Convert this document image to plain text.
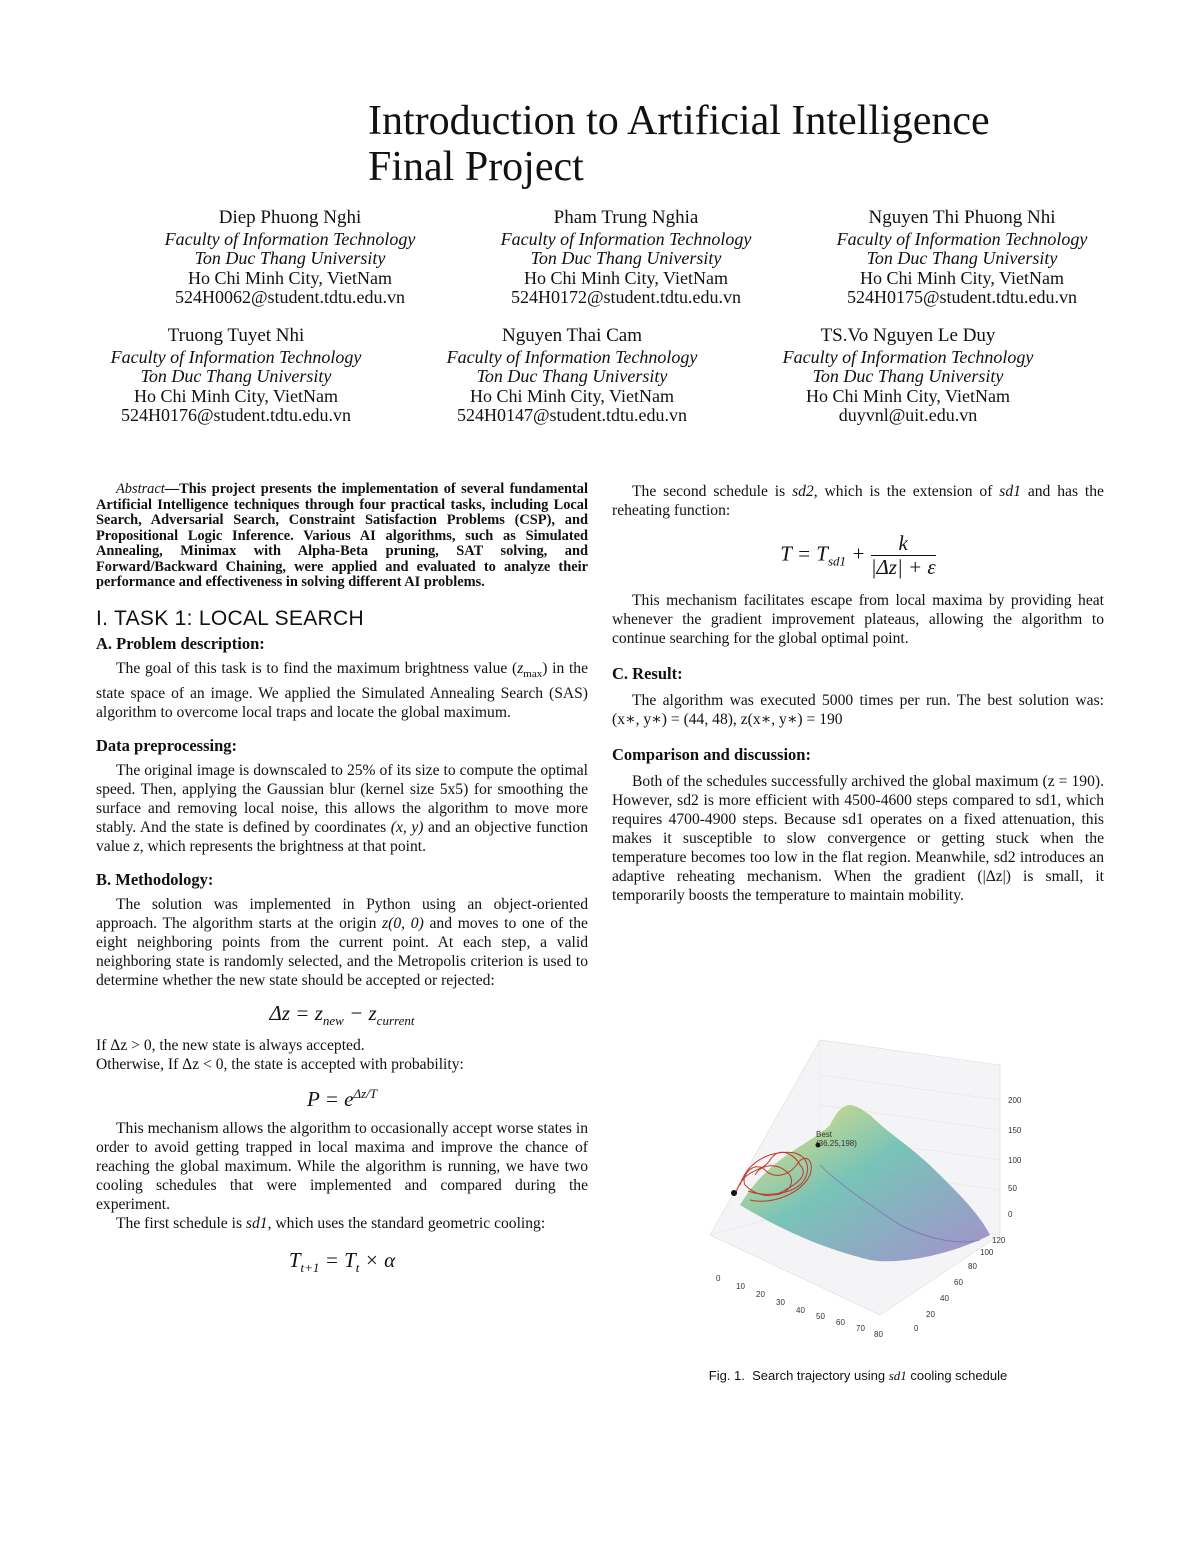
Introduction to Artificial Intelligence
Final Project
Diep Phuong Nghi
Faculty of Information Technology
Ton Duc Thang University
Ho Chi Minh City, VietNam
524H0062@student.tdtu.edu.vn
Pham Trung Nghia
Faculty of Information Technology
Ton Duc Thang University
Ho Chi Minh City, VietNam
524H0172@student.tdtu.edu.vn
Nguyen Thi Phuong Nhi
Faculty of Information Technology
Ton Duc Thang University
Ho Chi Minh City, VietNam
524H0175@student.tdtu.edu.vn
Truong Tuyet Nhi
Faculty of Information Technology
Ton Duc Thang University
Ho Chi Minh City, VietNam
524H0176@student.tdtu.edu.vn
Nguyen Thai Cam
Faculty of Information Technology
Ton Duc Thang University
Ho Chi Minh City, VietNam
524H0147@student.tdtu.edu.vn
TS.Vo Nguyen Le Duy
Faculty of Information Technology
Ton Duc Thang University
Ho Chi Minh City, VietNam
duyvnl@uit.edu.vn

Abstract—This project presents the implementation of several fundamental Artificial Intelligence techniques through four practical tasks, including Local Search, Adversarial Search, Constraint Satisfaction Problems (CSP), and Propositional Logic Inference. Various AI algorithms, such as Simulated Annealing, Minimax with Alpha-Beta pruning, SAT solving, and Forward/Backward Chaining, were applied and evaluated to analyze their performance and effectiveness in solving different AI problems.

I. TASK 1: LOCAL SEARCH

A. Problem description:

The goal of this task is to find the maximum brightness value $(z_{max})$ in the state space of an image. We applied the Simulated Annealing Search (SAS) algorithm to overcome local traps and locate the global maximum.

Data preprocessing:

The original image is downscaled to 25% of its size to compute the optimal speed. Then, applying the Gaussian blur (kernel size 5x5) for smoothing the surface and removing local noise, this allows the algorithm to move more stably. And the state is defined by coordinates (x, y) and an objective function value z, which represents the brightness at that point.

B. Methodology:

The solution was implemented in Python using an object-oriented approach. The algorithm starts at the origin z(0, 0) and moves to one of the eight neighboring points from the current point. At each step, a valid neighboring state is randomly selected, and the Metropolis criterion is used to determine whether the new state should be accepted or rejected:

$\Delta z = z_{new} - z_{current}$

If Δz > 0, the new state is always accepted.

Otherwise, If Δz < 0, the state is accepted with probability:

$P = e^{\Delta z/T}$

This mechanism allows the algorithm to occasionally accept worse states in order to avoid getting trapped in local maxima and improve the chance of reaching the global maximum. While the algorithm is running, we have two cooling schedules that were implemented and compared during the experiment.

The first schedule is sd1, which uses the standard geometric cooling:

$T_{t+1} = T_t \times \alpha$

The second schedule is sd2, which is the extension of sd1 and has the reheating function:

$T = T_{sd1} + \frac{k}{|\Delta z| + \varepsilon}$

This mechanism facilitates escape from local maxima by providing heat whenever the gradient improvement plateaus, allowing the algorithm to continue searching for the global optimal point.

C. Result:

The algorithm was executed 5000 times per run. The best solution was: (x∗, y∗) = (44, 48), z(x∗, y∗) = 190

Comparison and discussion:

Both of the schedules successfully archived the global maximum (z = 190). However, sd2 is more efficient with 4500-4600 steps compared to sd1, which requires 4700-4900 steps. Because sd1 operates on a fixed attenuation, this makes it susceptible to slow convergence or getting stuck when the temperature becomes too low in the flat region. Meanwhile, sd2 introduces an adaptive reheating mechanism. When the gradient (|Δz|) is small, it temporarily boosts the temperature to maintain mobility.

Best
(36,25,198)
200
150
100
50
0
120
100
80
60
40
20
0
0
10
20
30
40
50
60
70
80
Fig. 1. Search trajectory using sd1 cooling schedule
